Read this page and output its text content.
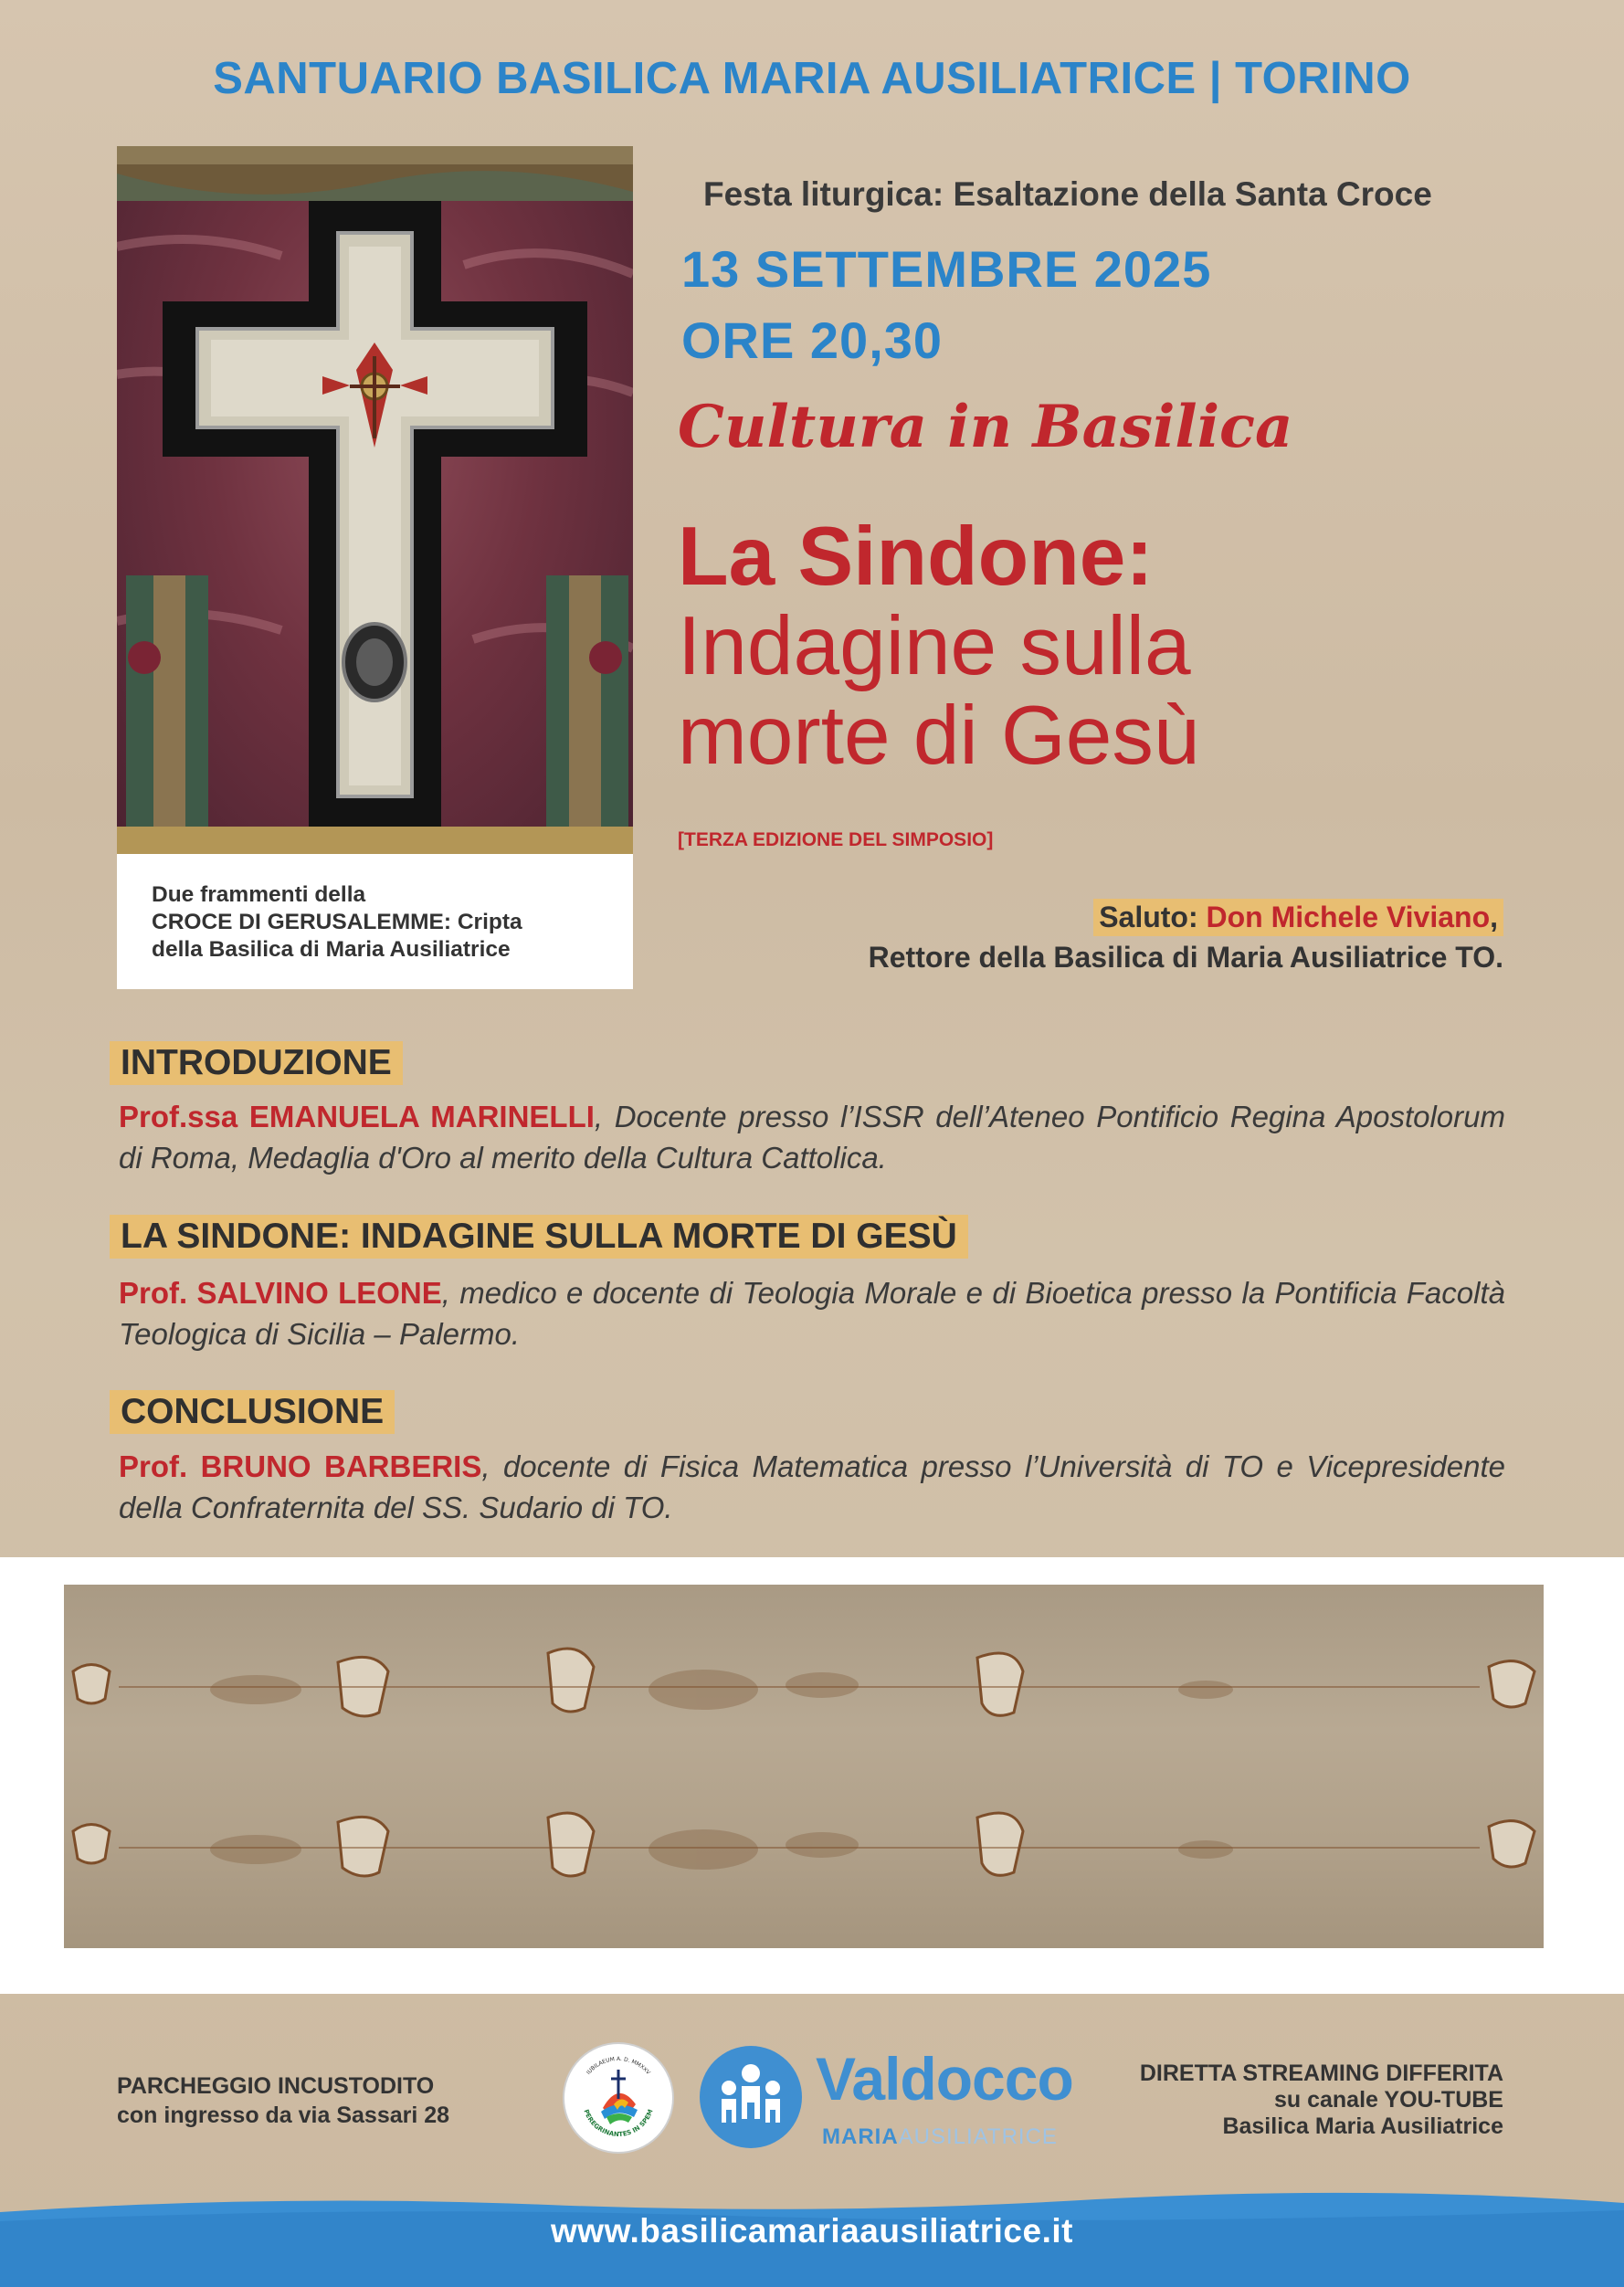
SANTUARIO BASILICA MARIA AUSILIATRICE | TORINO
Due frammenti della
CROCE DI GERUSALEMME: Cripta
della Basilica di Maria Ausiliatrice
Festa liturgica: Esaltazione della Santa Croce
13 SETTEMBRE 2025
ORE 20,30
Cultura in Basilica
La Sindone:
Indagine sulla
morte di Gesù
[TERZA EDIZIONE DEL SIMPOSIO]
Saluto: Don Michele Viviano,
Rettore della Basilica di Maria Ausiliatrice TO.
INTRODUZIONE
Prof.ssa EMANUELA MARINELLI, Docente presso l’ISSR dell’Ateneo Pontificio Regina Apostolorum di Roma, Medaglia d'Oro al merito della Cultura Cattolica.
LA SINDONE: INDAGINE SULLA MORTE DI GESÙ
Prof. SALVINO LEONE, medico e docente di Teologia Morale e di Bioetica presso la Pontificia Facoltà Teologica di Sicilia – Palermo.
CONCLUSIONE
Prof. BRUNO BARBERIS, docente di Fisica Matematica presso l’Università di TO e Vicepresidente della Confraternita del SS. Sudario di TO.
PARCHEGGIO INCUSTODITO
con ingresso da via Sassari 28
IUBILAEUM A. D. MMXXV
PEREGRINANTES IN SPEM
Valdocco
MARIAAUSILIATRICE
DIRETTA STREAMING DIFFERITA
su canale YOU-TUBE
Basilica Maria Ausiliatrice
www.basilicamariaausiliatrice.it
